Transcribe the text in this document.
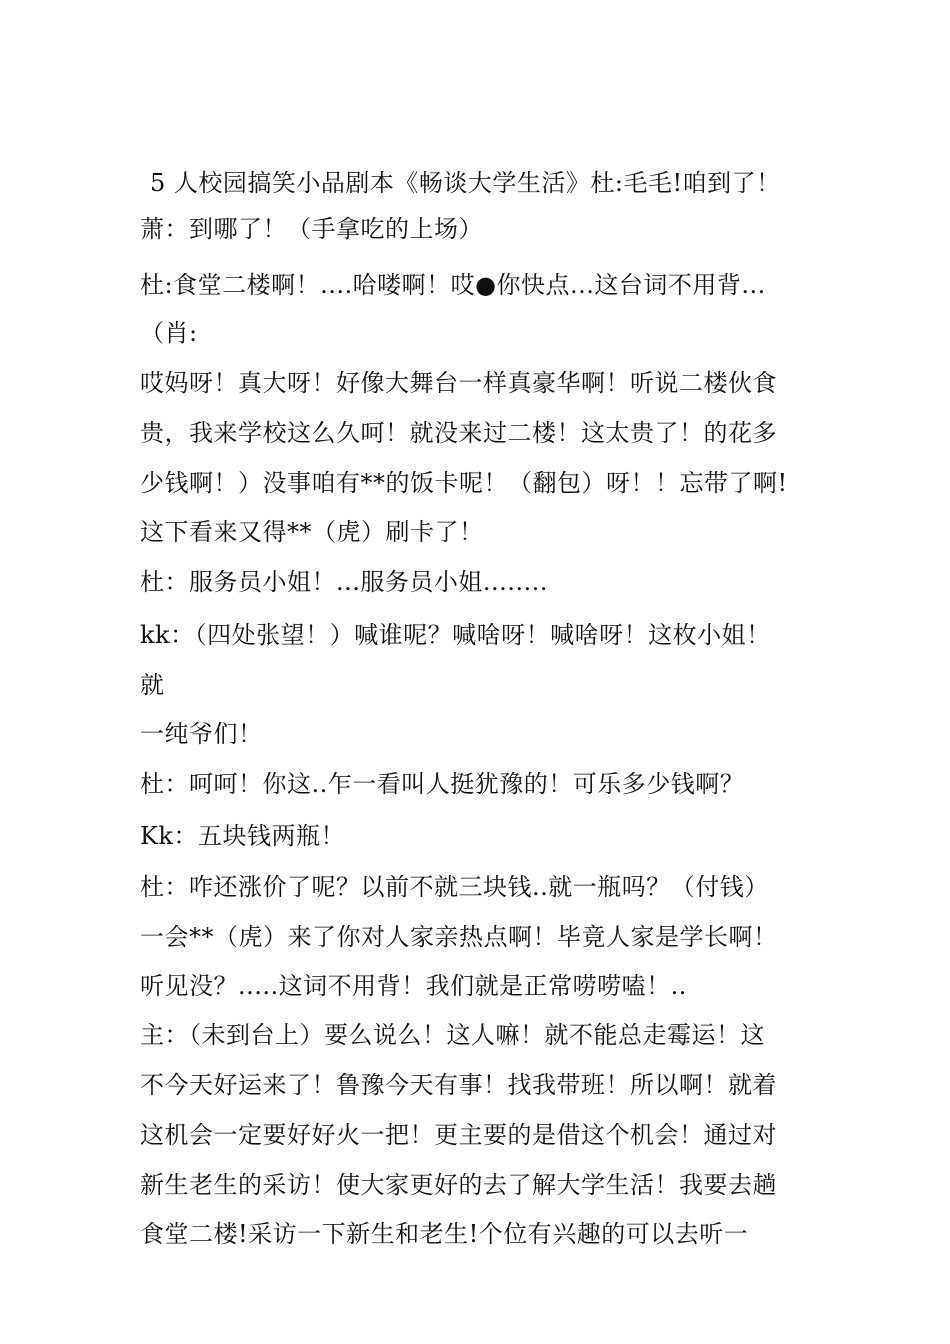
5 人校园搞笑小品剧本《畅谈大学生活》杜:毛毛!咱到了！
萧：到哪了！（手拿吃的上场）
杜:食堂二楼啊！....哈喽啊！哎●你快点...这台词不用背...
（肖:
哎妈呀！真大呀！好像大舞台一样真豪华啊！听说二楼伙食
贵，我来学校这么久呵！就没来过二楼！这太贵了！的花多
少钱啊！）没事咱有**的饭卡呢！（翻包）呀！！忘带了啊!
这下看来又得**（虎）刷卡了！
杜：服务员小姐！...服务员小姐........
kk：（四处张望！）喊谁呢？喊啥呀！喊啥呀！这枚小姐！
就
一纯爷们！
杜：呵呵！你这..乍一看叫人挺犹豫的！可乐多少钱啊？
Kk：五块钱两瓶！
杜：咋还涨价了呢？以前不就三块钱..就一瓶吗？（付钱）
一会**（虎）来了你对人家亲热点啊！毕竟人家是学长啊！
听见没？.....这词不用背！我们就是正常唠唠嗑！..
主：（未到台上）要么说么！这人嘛！就不能总走霉运！这
不今天好运来了！鲁豫今天有事！找我带班！所以啊！就着
这机会一定要好好火一把！更主要的是借这个机会！通过对
新生老生的采访！使大家更好的去了解大学生活！我要去趟
食堂二楼!采访一下新生和老生!个位有兴趣的可以去听一
